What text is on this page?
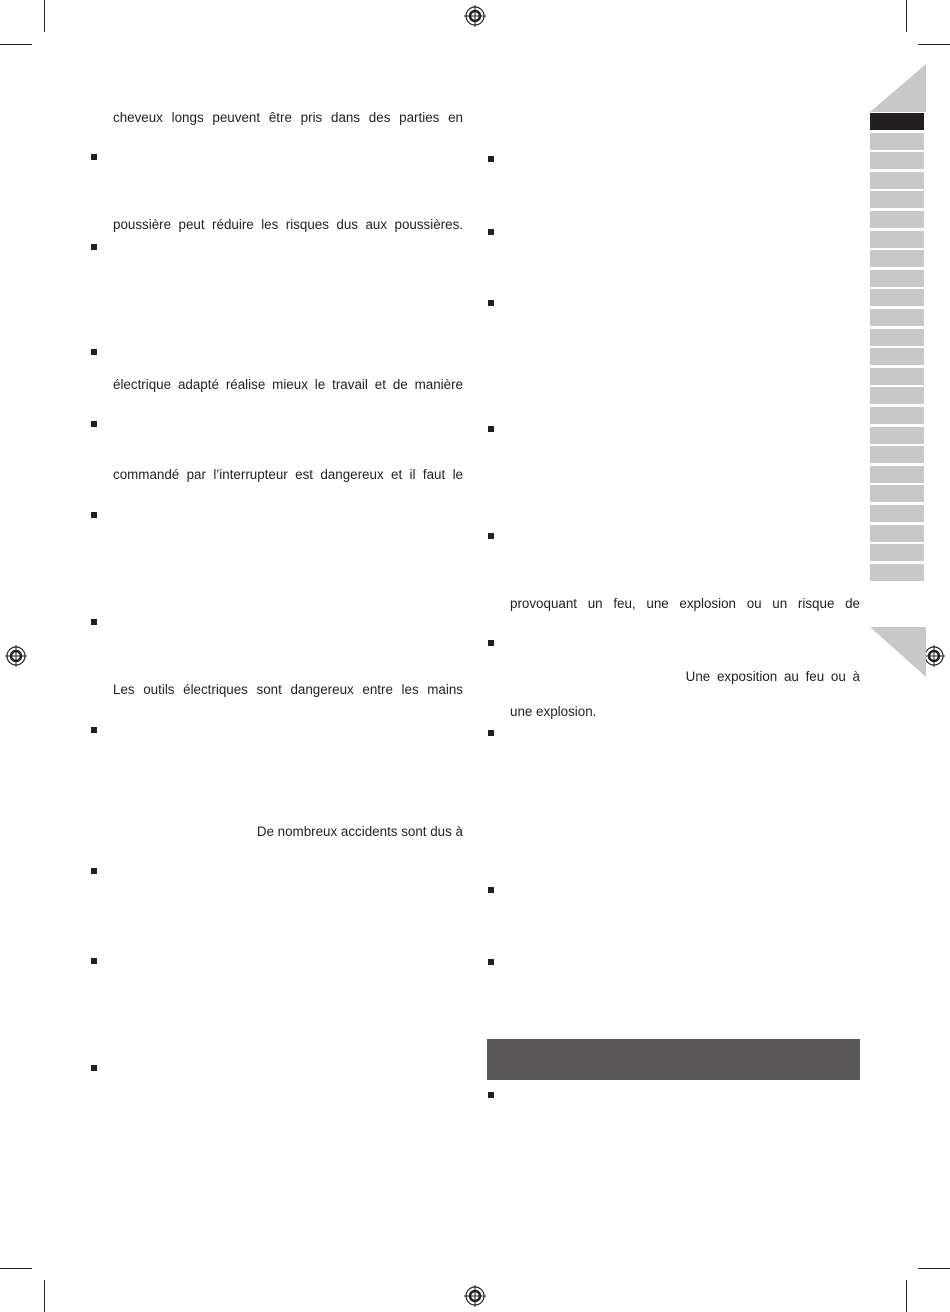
cheveux longs peuvent être pris dans des parties en
poussière peut réduire les risques dus aux poussières.
électrique adapté réalise mieux le travail et de manière
commandé par l’interrupteur est dangereux et il faut le
Les outils électriques sont dangereux entre les mains
De nombreux accidents sont dus à
provoquant un feu, une explosion ou un risque de
Une exposition au feu ou à
une explosion.
